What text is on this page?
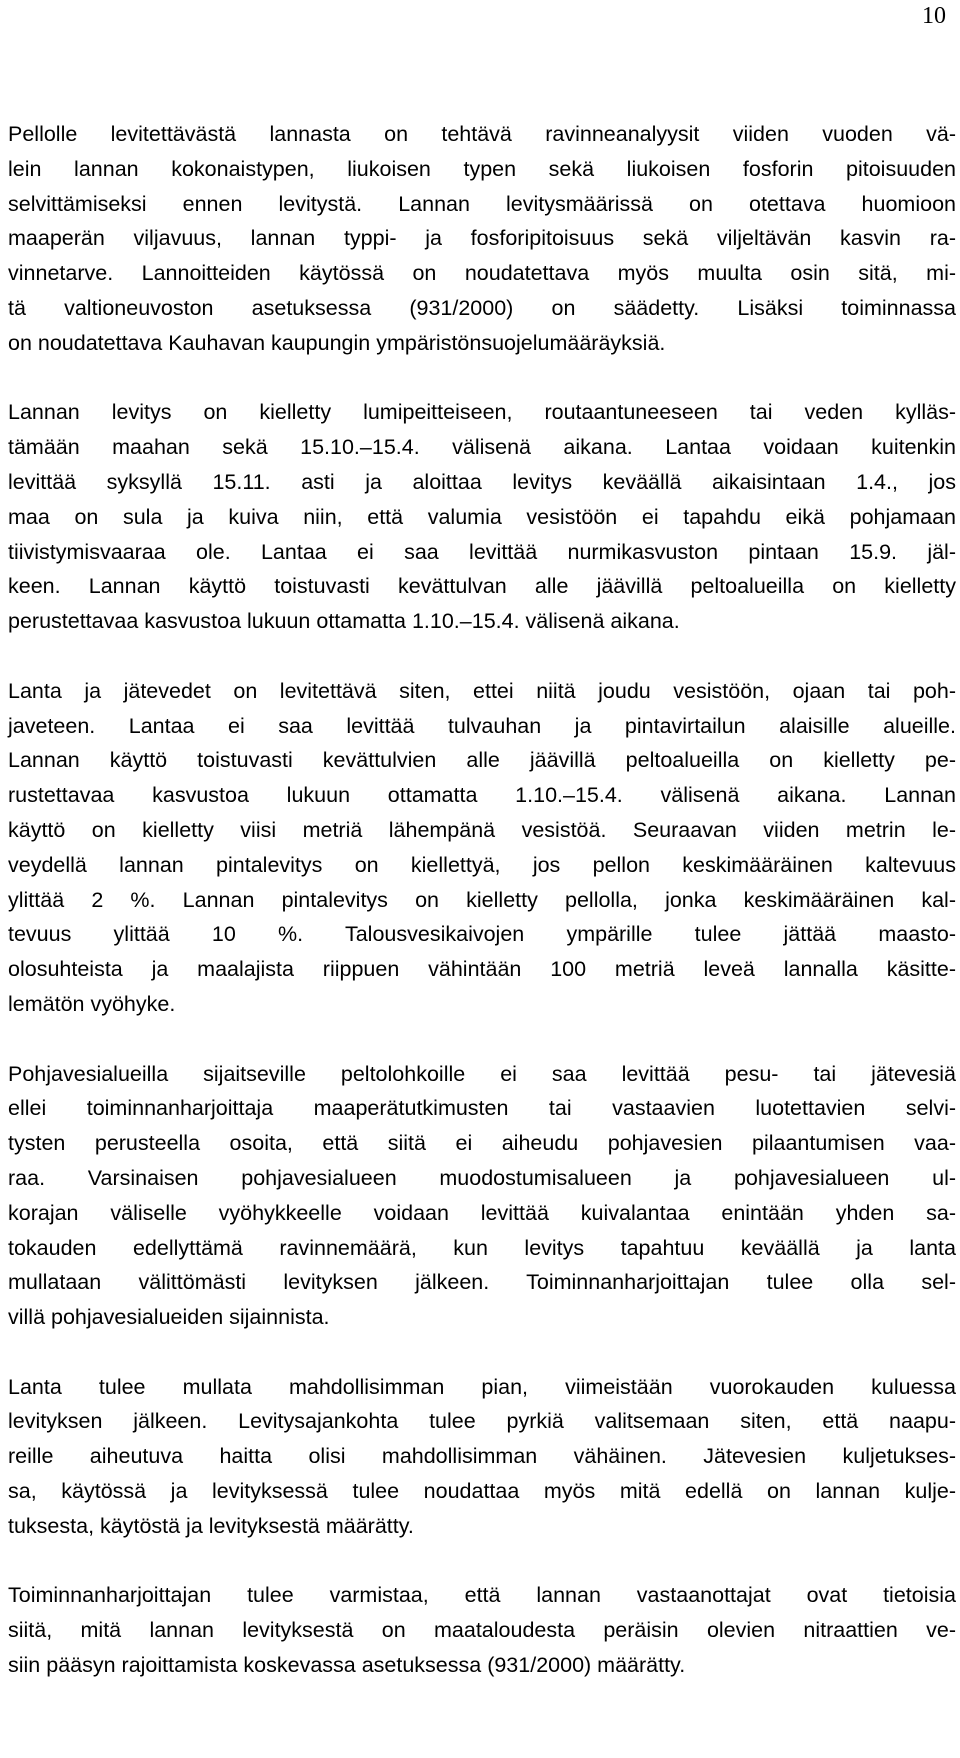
10
Pellolle levitettävästä lannasta on tehtävä ravinneanalyysit viiden vuoden vä-
lein lannan kokonaistypen, liukoisen typen sekä liukoisen fosforin pitoisuuden
selvittämiseksi ennen levitystä. Lannan levitysmäärissä on otettava huomioon
maaperän viljavuus, lannan typpi- ja fosforipitoisuus sekä viljeltävän kasvin ra-
vinnetarve. Lannoitteiden käytössä on noudatettava myös muulta osin sitä, mi-
tä valtioneuvoston asetuksessa (931/2000) on säädetty. Lisäksi toiminnassa
on noudatettava Kauhavan kaupungin ympäristönsuojelumääräyksiä.
Lannan levitys on kielletty lumipeitteiseen, routaantuneeseen tai veden kylläs-
tämään maahan sekä 15.10.–15.4. välisenä aikana. Lantaa voidaan kuitenkin
levittää syksyllä 15.11. asti ja aloittaa levitys keväällä aikaisintaan 1.4., jos
maa on sula ja kuiva niin, että valumia vesistöön ei tapahdu eikä pohjamaan
tiivistymisvaaraa ole. Lantaa ei saa levittää nurmikasvuston pintaan 15.9. jäl-
keen. Lannan käyttö toistuvasti kevättulvan alle jäävillä peltoalueilla on kielletty
perustettavaa kasvustoa lukuun ottamatta 1.10.–15.4. välisenä aikana.
Lanta ja jätevedet on levitettävä siten, ettei niitä joudu vesistöön, ojaan tai poh-
javeteen. Lantaa ei saa levittää tulvauhan ja pintavirtailun alaisille alueille.
Lannan käyttö toistuvasti kevättulvien alle jäävillä peltoalueilla on kielletty pe-
rustettavaa kasvustoa lukuun ottamatta 1.10.–15.4. välisenä aikana. Lannan
käyttö on kielletty viisi metriä lähempänä vesistöä. Seuraavan viiden metrin le-
veydellä lannan pintalevitys on kiellettyä, jos pellon keskimääräinen kaltevuus
ylittää 2 %. Lannan pintalevitys on kielletty pellolla, jonka keskimääräinen kal-
tevuus ylittää 10 %. Talousvesikaivojen ympärille tulee jättää maasto-
olosuhteista ja maalajista riippuen vähintään 100 metriä leveä lannalla käsitte-
lemätön vyöhyke.
Pohjavesialueilla sijaitseville peltolohkoille ei saa levittää pesu- tai jätevesiä
ellei toiminnanharjoittaja maaperätutkimusten tai vastaavien luotettavien selvi-
tysten perusteella osoita, että siitä ei aiheudu pohjavesien pilaantumisen vaa-
raa. Varsinaisen pohjavesialueen muodostumisalueen ja pohjavesialueen ul-
korajan väliselle vyöhykkeelle voidaan levittää kuivalantaa enintään yhden sa-
tokauden edellyttämä ravinnemäärä, kun levitys tapahtuu keväällä ja lanta
mullataan välittömästi levityksen jälkeen. Toiminnanharjoittajan tulee olla sel-
villä pohjavesialueiden sijainnista.
Lanta tulee mullata mahdollisimman pian, viimeistään vuorokauden kuluessa
levityksen jälkeen. Levitysajankohta tulee pyrkiä valitsemaan siten, että naapu-
reille aiheutuva haitta olisi mahdollisimman vähäinen. Jätevesien kuljetukses-
sa, käytössä ja levityksessä tulee noudattaa myös mitä edellä on lannan kulje-
tuksesta, käytöstä ja levityksestä määrätty.
Toiminnanharjoittajan tulee varmistaa, että lannan vastaanottajat ovat tietoisia
siitä, mitä lannan levityksestä on maataloudesta peräisin olevien nitraattien ve-
siin pääsyn rajoittamista koskevassa asetuksessa (931/2000) määrätty.
